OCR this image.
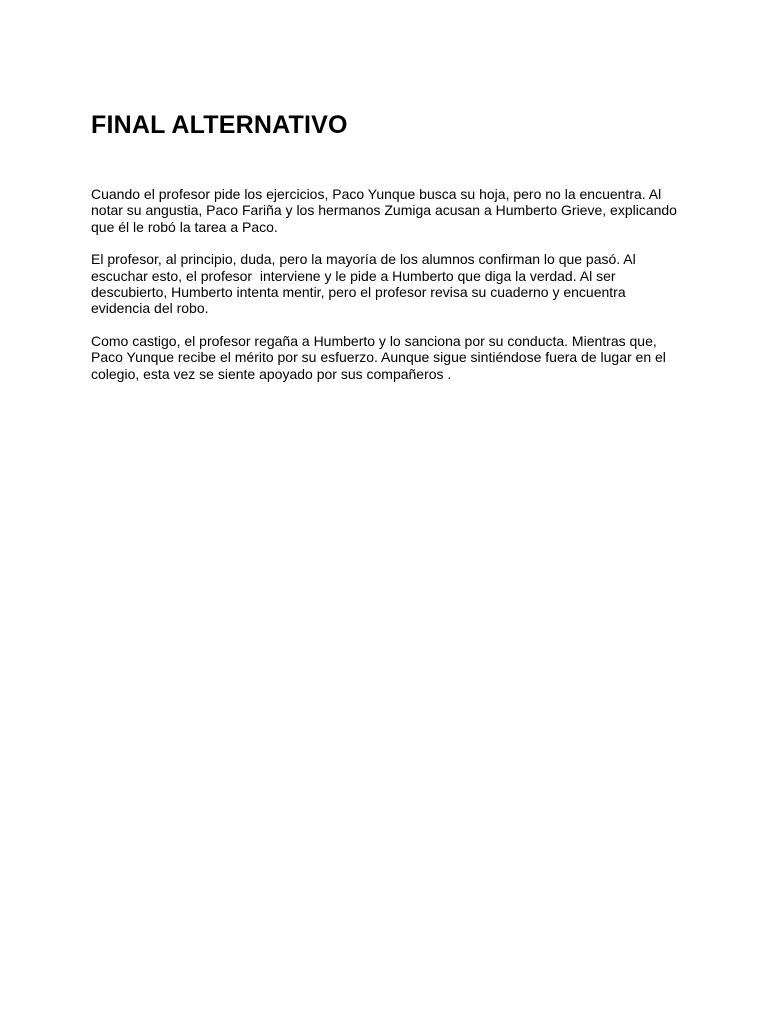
FINAL ALTERNATIVO

Cuando el profesor pide los ejercicios, Paco Yunque busca su hoja, pero no la encuentra. Al notar su angustia, Paco Fariña y los hermanos Zumiga acusan a Humberto Grieve, explicando que él le robó la tarea a Paco.

El profesor, al principio, duda, pero la mayoría de los alumnos confirman lo que pasó. Al escuchar esto, el profesor  interviene y le pide a Humberto que diga la verdad. Al ser descubierto, Humberto intenta mentir, pero el profesor revisa su cuaderno y encuentra evidencia del robo.

Como castigo, el profesor regaña a Humberto y lo sanciona por su conducta. Mientras que, Paco Yunque recibe el mérito por su esfuerzo. Aunque sigue sintiéndose fuera de lugar en el colegio, esta vez se siente apoyado por sus compañeros .
